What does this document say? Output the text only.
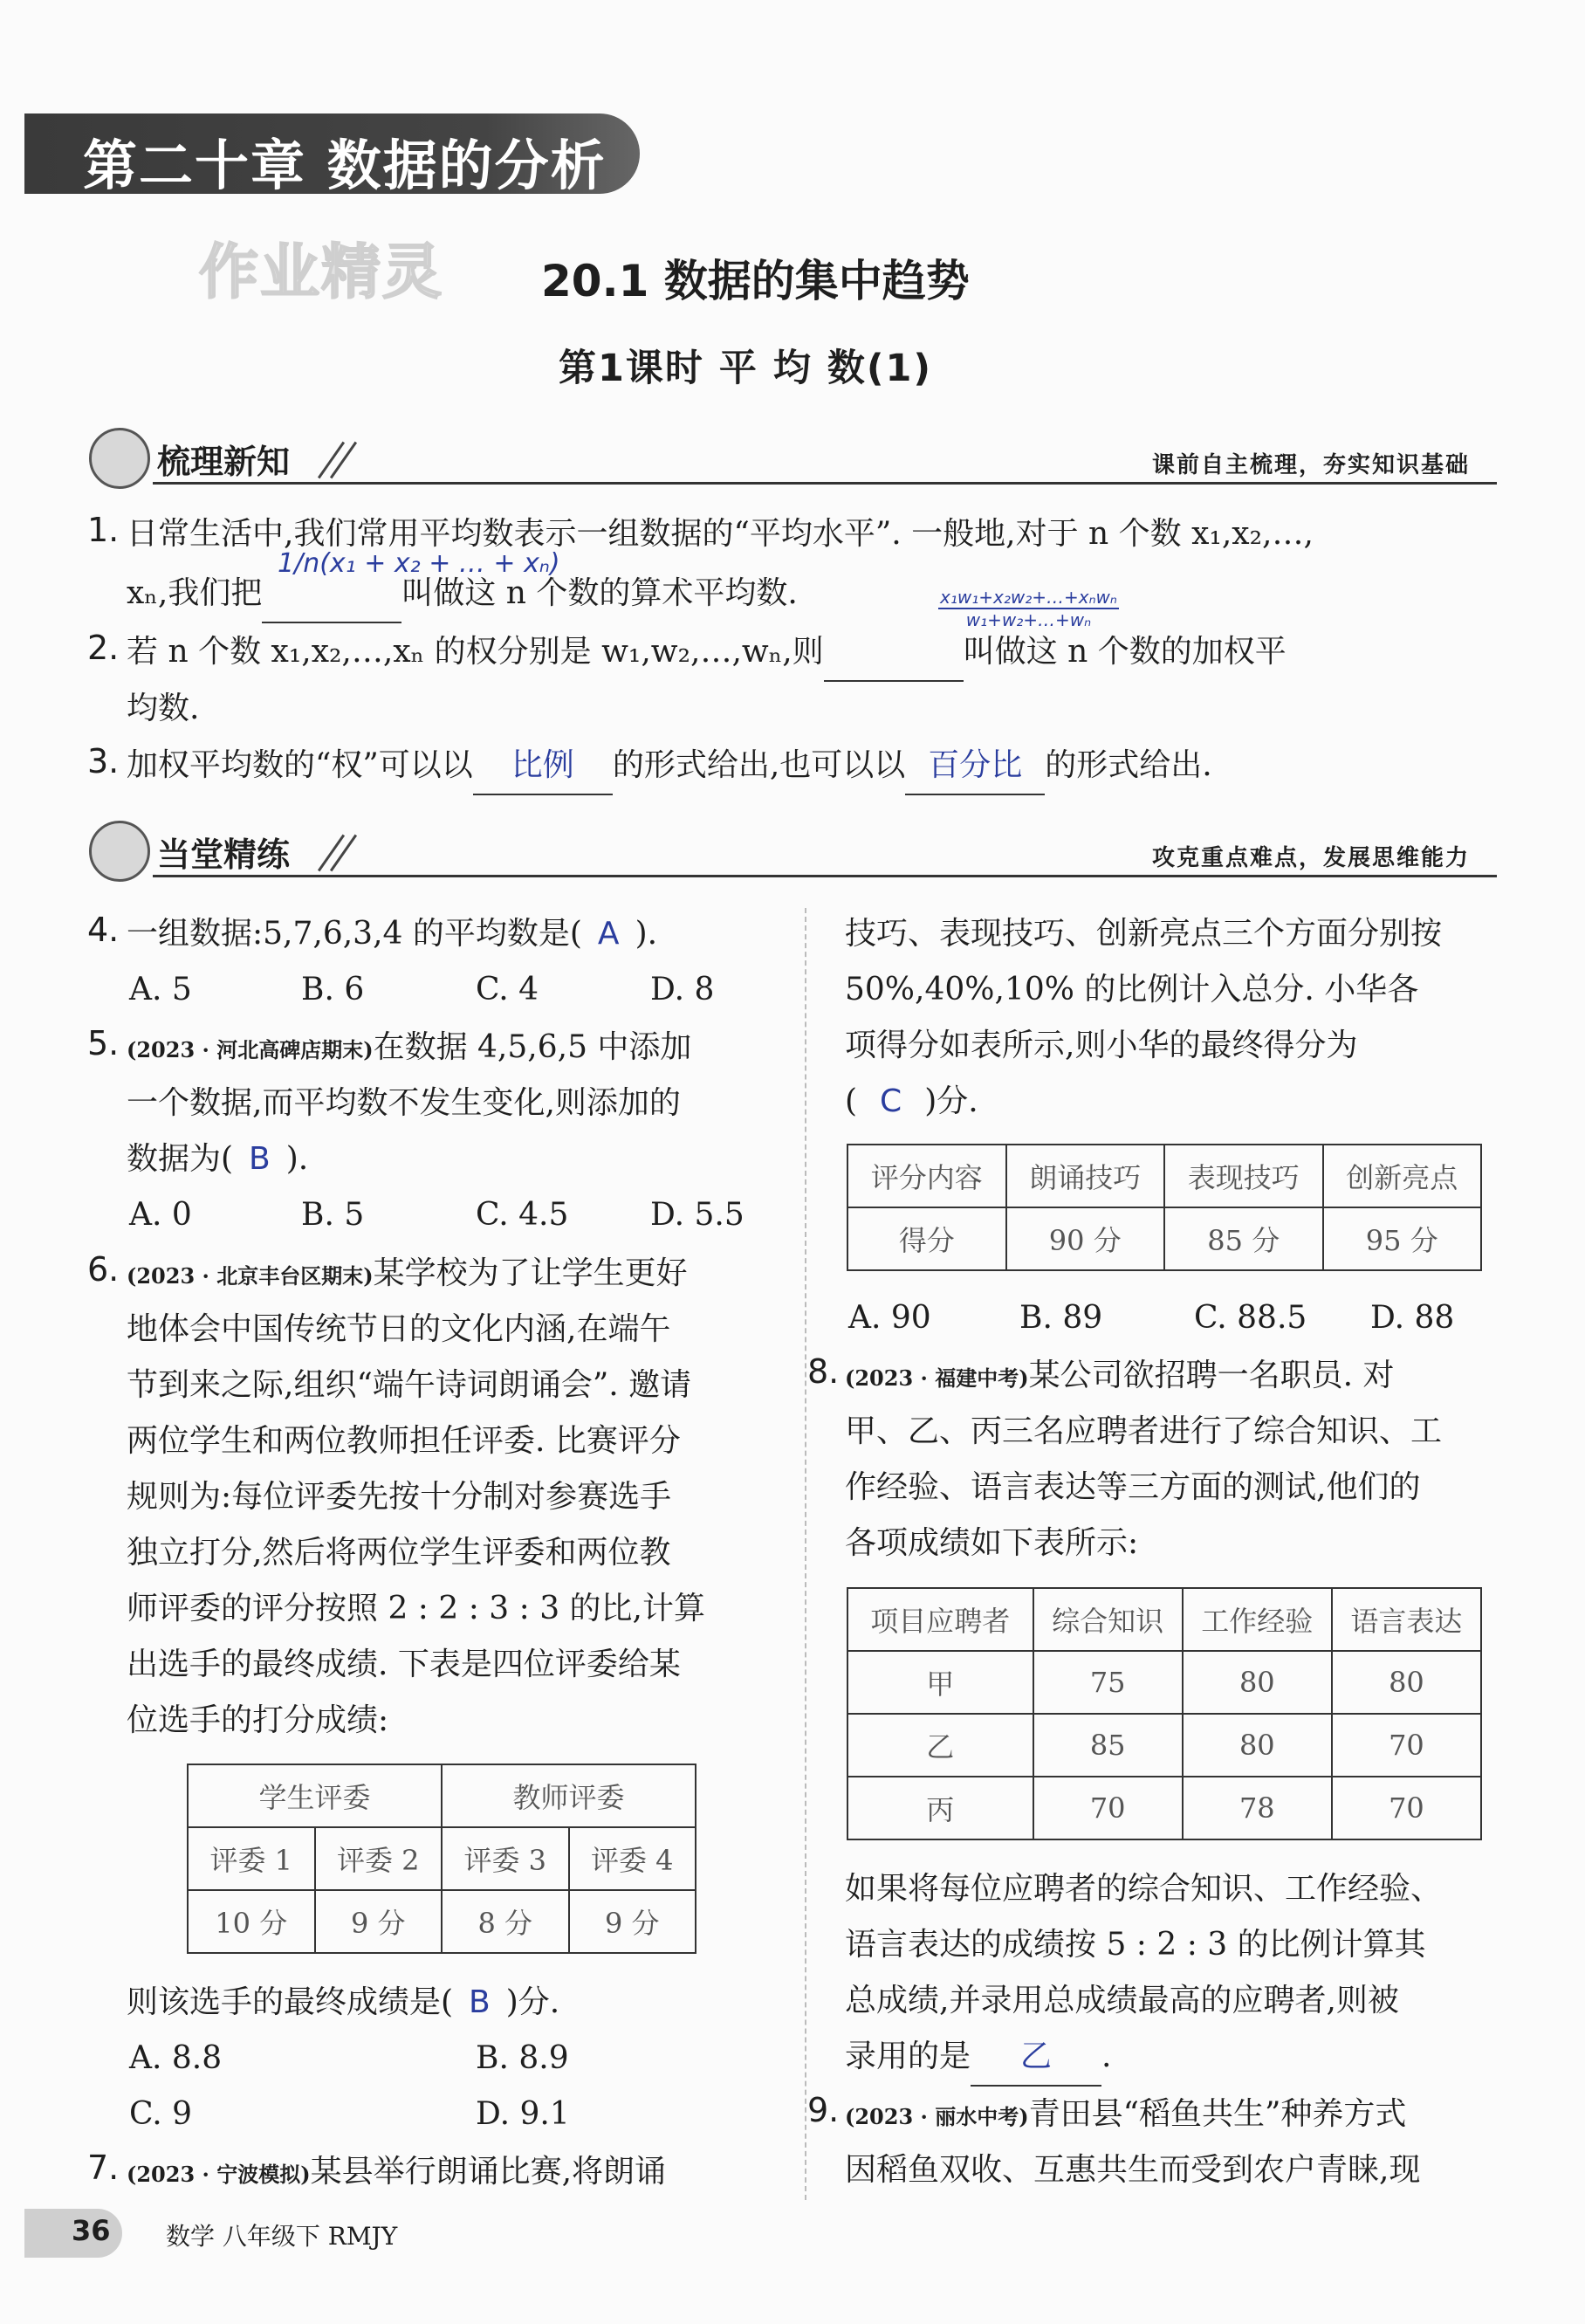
第二十章 数据的分析
作业精灵 20.1 数据的集中趋势
第1课时 平 均 数(1)
梳理新知	课前自主梳理，夯实知识基础
1. 日常生活中,我们常用平均数表示一组数据的“平均水平”. 一般地,对于 n 个数 x₁,x₂,…,
xₙ,我们把	叫做这 n 个数的算术平均数.
1/n(x₁ + x₂ + … + xₙ)
2. 若 n 个数 x₁,x₂,…,xₙ 的权分别是 w₁,w₂,…,wₙ,则	叫做这 n 个数的加权平
x₁w₁+x₂w₂+…+xₙwₙ
w₁+w₂+…+wₙ
均数.
3. 加权平均数的“权”可以以 比例 的形式给出,也可以以 百分比 的形式给出.
当堂精练	攻克重点难点，发展思维能力
4. 一组数据:5,7,6,3,4 的平均数是( A ).
A. 5	B. 6	C. 4	D. 8
5. (2023 · 河北高碑店期末)在数据 4,5,6,5 中添加
一个数据,而平均数不发生变化,则添加的
数据为( B ).
A. 0	B. 5	C. 4.5	D. 5.5
6. (2023 · 北京丰台区期末)某学校为了让学生更好
地体会中国传统节日的文化内涵,在端午
节到来之际,组织“端午诗词朗诵会”. 邀请
两位学生和两位教师担任评委. 比赛评分
规则为:每位评委先按十分制对参赛选手
独立打分,然后将两位学生评委和两位教
师评委的评分按照 2 : 2 : 3 : 3 的比,计算
出选手的最终成绩. 下表是四位评委给某
位选手的打分成绩:
学生评委		教师评委	
评委 1	评委 2	评委 3	评委 4
10 分	9 分	8 分	9 分
则该选手的最终成绩是( B )分.
A. 8.8	B. 8.9
C. 9	D. 9.1
7. (2023 · 宁波模拟)某县举行朗诵比赛,将朗诵
技巧、表现技巧、创新亮点三个方面分别按
50%,40%,10% 的比例计入总分. 小华各
项得分如表所示,则小华的最终得分为
( C )分.
评分内容	朗诵技巧	表现技巧	创新亮点
得分	90 分	85 分	95 分
A. 90	B. 89	C. 88.5 D. 88
8. (2023 · 福建中考)某公司欲招聘一名职员. 对
甲、乙、丙三名应聘者进行了综合知识、工
作经验、语言表达等三方面的测试,他们的
各项成绩如下表所示:
项目应聘者	综合知识	工作经验	语言表达
甲	75	80	80
乙	85	80	70
丙	70	78	70
如果将每位应聘者的综合知识、工作经验、
语言表达的成绩按 5 : 2 : 3 的比例计算其
总成绩,并录用总成绩最高的应聘者,则被
录用的是 乙 .
9. (2023 · 丽水中考)青田县“稻鱼共生”种养方式
因稻鱼双收、互惠共生而受到农户青睐,现
36 数学 八年级下 RMJY
